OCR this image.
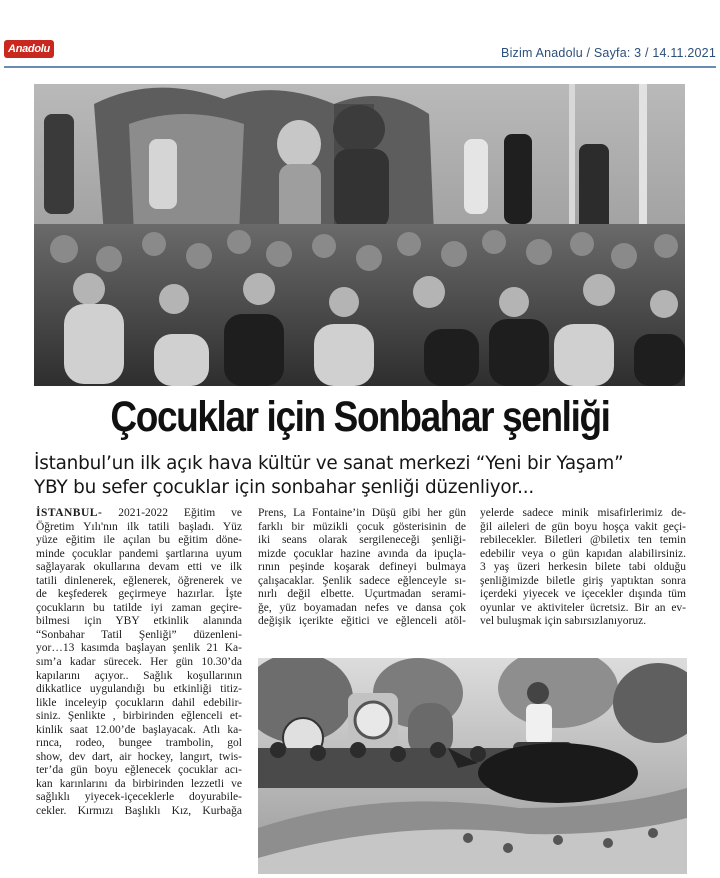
Anadolu	Bizim Anadolu / Sayfa: 3 / 14.11.2021
Çocuklar için Sonbahar şenliği
İstanbul’un ilk açık hava kültür ve sanat merkezi “Yeni bir Yaşam”
YBY bu sefer çocuklar için sonbahar şenliği düzenliyor...

İSTANBUL- 2021-2022 Eğitim ve
Öğretim Yılı'nın ilk tatili başladı. Yüz
yüze eğitim ile açılan bu eğitim döne-
minde çocuklar pandemi şartlarına uyum
sağlayarak okullarına devam etti ve ilk
tatili dinlenerek, eğlenerek, öğrenerek ve
de keşfederek geçirmeye hazırlar. İşte
çocukların bu tatilde iyi zaman geçire-
bilmesi için YBY etkinlik alanında
“Sonbahar Tatil Şenliği” düzenleni-
yor…13 kasımda başlayan şenlik 21 Ka-
sım’a kadar sürecek. Her gün 10.30’da
kapılarını açıyor.. Sağlık koşullarının
dikkatlice uygulandığı bu etkinliği titiz-
likle inceleyip çocukların dahil edebilir-
siniz. Şenlikte , birbirinden eğlenceli et-
kinlik saat 12.00’de başlayacak. Atlı ka-
rınca, rodeo, bungee trambolin, gol
show, dev dart, air hockey, langırt, twis-
ter’da gün boyu eğlenecek çocuklar acı-
kan karınlarını da birbirinden lezzetli ve
sağlıklı yiyecek-içeceklerle doyurabile-
cekler. Kırmızı Başlıklı Kız, Kurbağa

Prens, La Fontaine’in Düşü gibi her gün
farklı bir müzikli çocuk gösterisinin de
iki seans olarak sergileneceği şenliği-
mizde çocuklar hazine avında da ipuçla-
rının peşinde koşarak defineyi bulmaya
çalışacaklar. Şenlik sadece eğlenceyle sı-
nırlı değil elbette. Uçurtmadan serami-
ğe, yüz boyamadan nefes ve dansa çok
değişik içerikte eğitici ve eğlenceli atöl-

yelerde sadece minik misafirlerimiz de-
ğil aileleri de gün boyu hoşça vakit geçi-
rebilecekler. Biletleri @biletix ten temin
edebilir veya o gün kapıdan alabilirsiniz.
3 yaş üzeri herkesin bilete tabi olduğu
şenliğimizde biletle giriş yaptıktan sonra
içerdeki yiyecek ve içecekler dışında tüm
oyunlar ve aktiviteler ücretsiz. Bir an ev-
vel buluşmak için sabırsızlanıyoruz.
